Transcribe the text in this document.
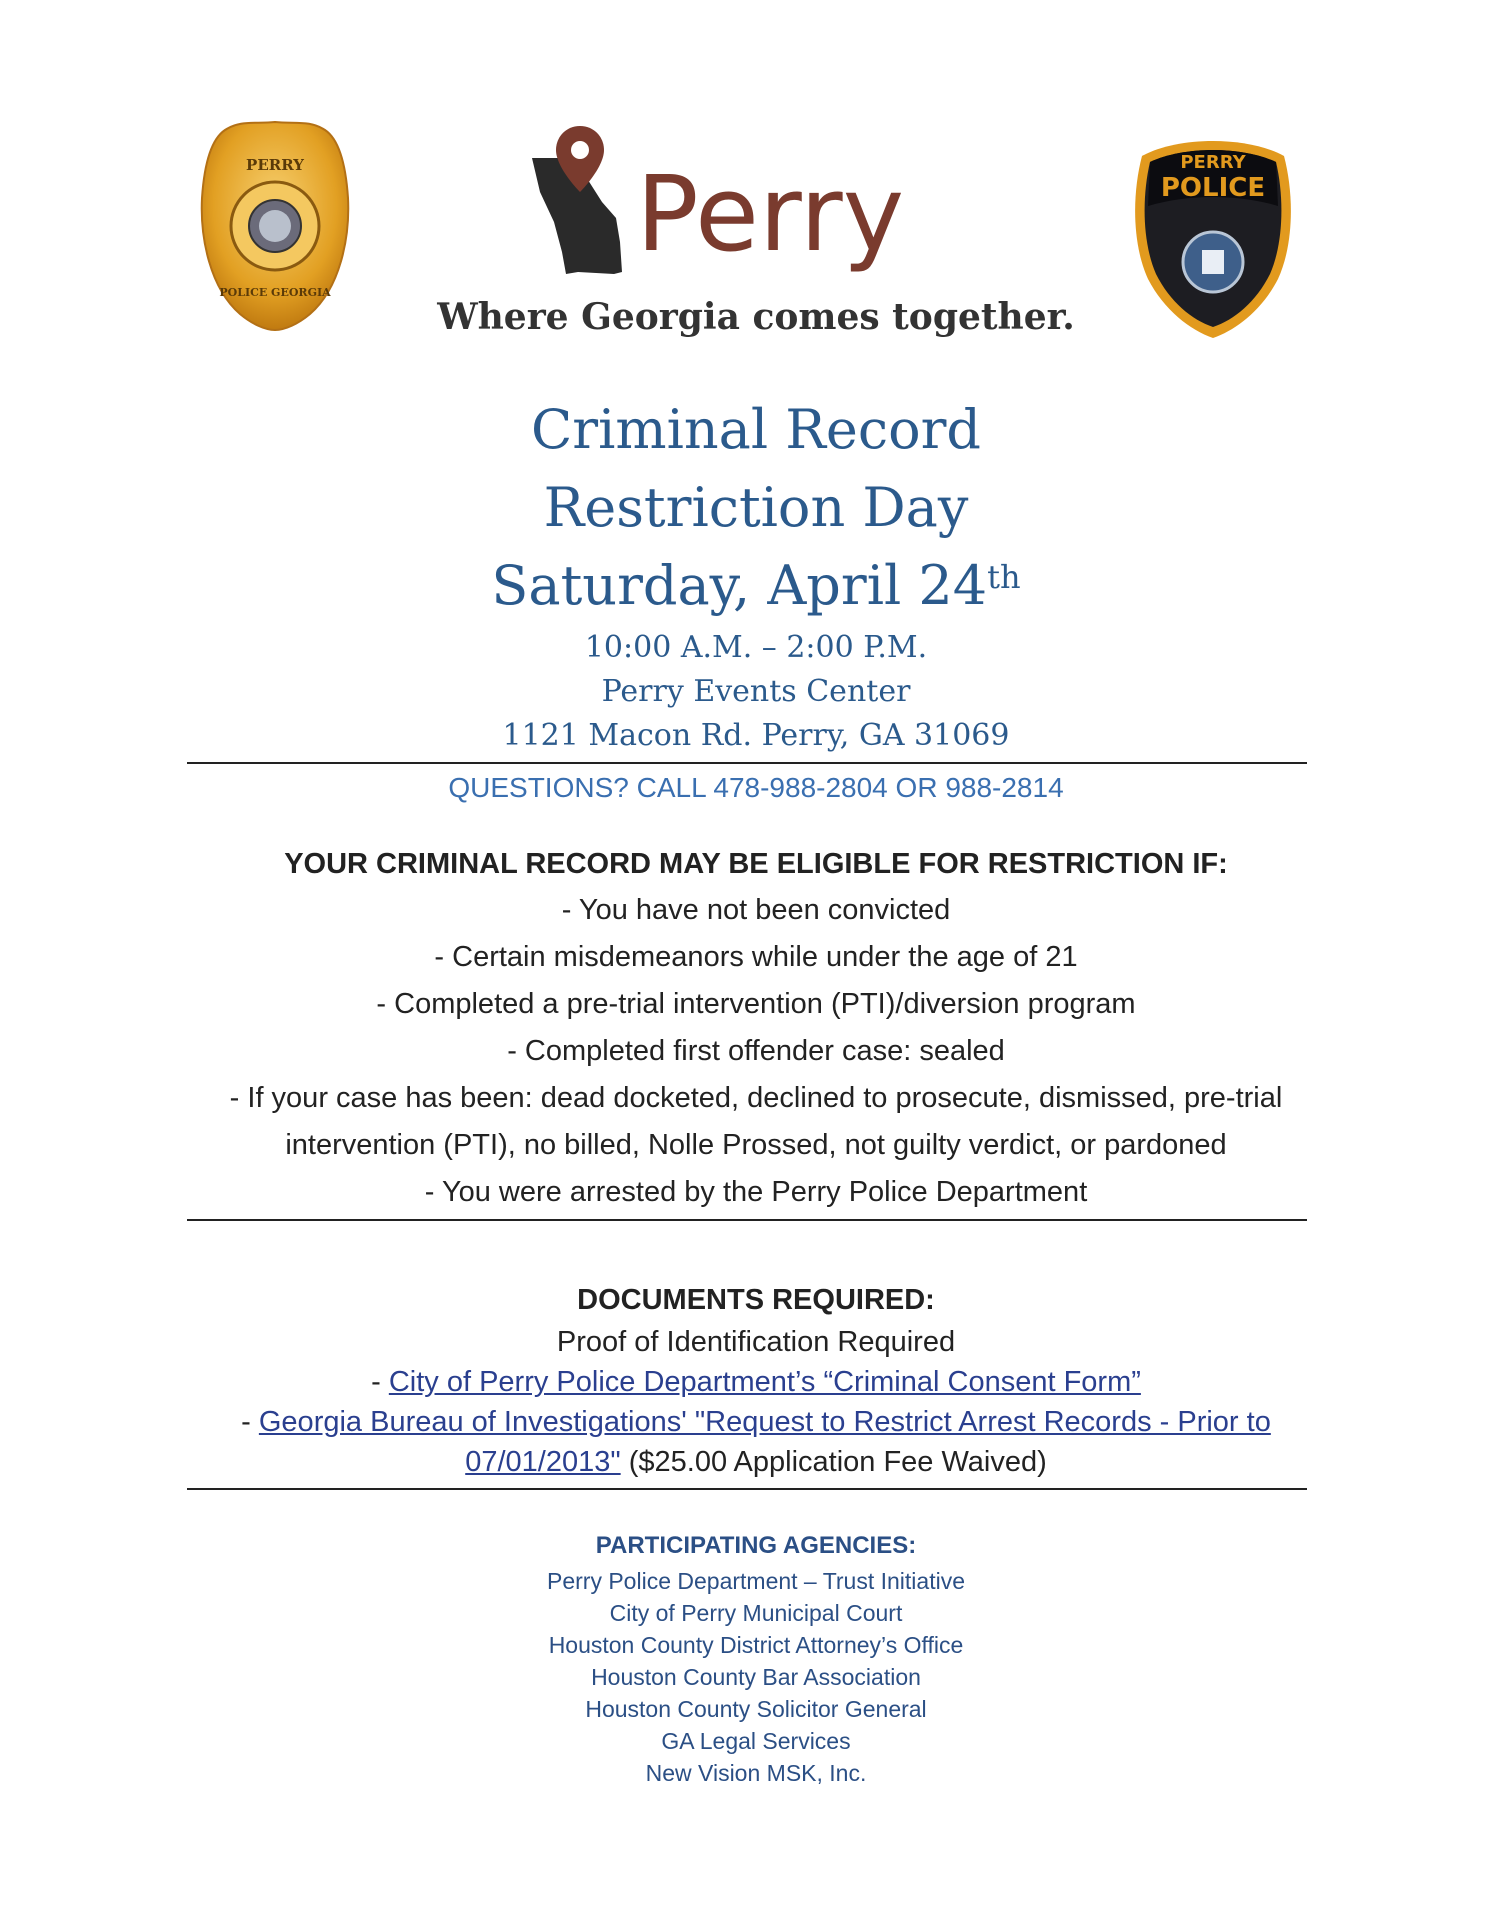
PERRY
POLICE GEORGIA
Perry
Where Georgia comes together.
PERRY
POLICE
Criminal Record
Restriction Day
Saturday, April 24th
10:00 A.M. – 2:00 P.M.
Perry Events Center
1121 Macon Rd. Perry, GA 31069
QUESTIONS? CALL 478-988-2804 OR 988-2814
YOUR CRIMINAL RECORD MAY BE ELIGIBLE FOR RESTRICTION IF:
- You have not been convicted
- Certain misdemeanors while under the age of 21
- Completed a pre-trial intervention (PTI)/diversion program
- Completed first offender case: sealed
- If your case has been: dead docketed, declined to prosecute, dismissed, pre-trial
intervention (PTI), no billed, Nolle Prossed, not guilty verdict, or pardoned
- You were arrested by the Perry Police Department
DOCUMENTS REQUIRED:
Proof of Identification Required
- City of Perry Police Department’s “Criminal Consent Form”
- Georgia Bureau of Investigations' "Request to Restrict Arrest Records - Prior to
07/01/2013" ($25.00 Application Fee Waived)
PARTICIPATING AGENCIES:
Perry Police Department – Trust Initiative
City of Perry Municipal Court
Houston County District Attorney’s Office
Houston County Bar Association
Houston County Solicitor General
GA Legal Services
New Vision MSK, Inc.
